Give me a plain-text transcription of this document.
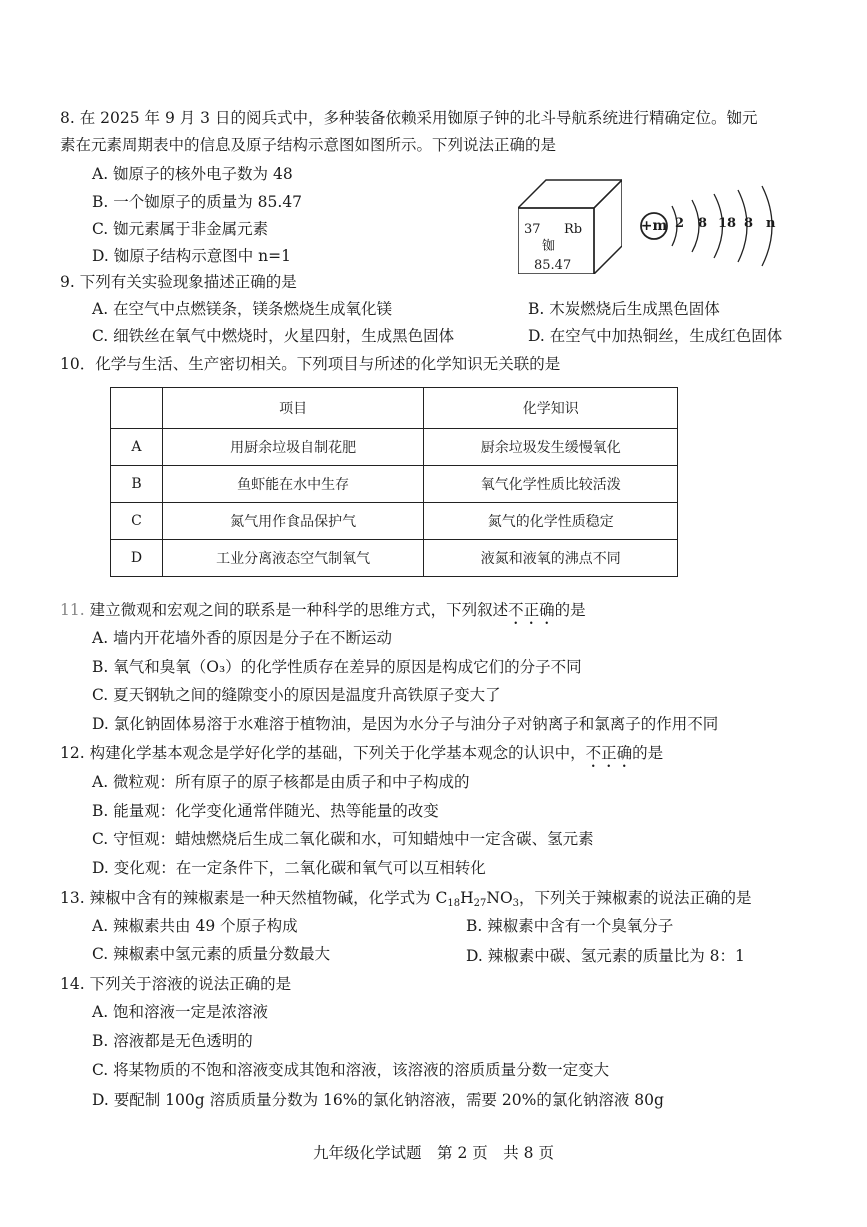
8. 在 2025 年 9 月 3 日的阅兵式中，多种装备依赖采用铷原子钟的北斗导航系统进行精确定位。铷元
素在元素周期表中的信息及原子结构示意图如图所示。下列说法正确的是
A. 铷原子的核外电子数为 48
B. 一个铷原子的质量为 85.47
C. 铷元素属于非金属元素
D. 铷原子结构示意图中 n=1
37 Rb
铷
85.47
+m 2 8 18 8 n
9. 下列有关实验现象描述正确的是
A. 在空气中点燃镁条，镁条燃烧生成氧化镁	B. 木炭燃烧后生成黑色固体
C. 细铁丝在氧气中燃烧时，火星四射，生成黑色固体	D. 在空气中加热铜丝，生成红色固体
10．化学与生活、生产密切相关。下列项目与所述的化学知识无关联的是
	项目	化学知识
A	用厨余垃圾自制花肥	厨余垃圾发生缓慢氧化
B	鱼虾能在水中生存	氧气化学性质比较活泼
C	氮气用作食品保护气	氮气的化学性质稳定
D	工业分离液态空气制氧气	液氮和液氧的沸点不同
11. 建立微观和宏观之间的联系是一种科学的思维方式，下列叙述不正确的是
A. 墙内开花墙外香的原因是分子在不断运动
B. 氧气和臭氧（O₃）的化学性质存在差异的原因是构成它们的分子不同
C. 夏天钢轨之间的缝隙变小的原因是温度升高铁原子变大了
D. 氯化钠固体易溶于水难溶于植物油，是因为水分子与油分子对钠离子和氯离子的作用不同
12. 构建化学基本观念是学好化学的基础，下列关于化学基本观念的认识中，不正确的是
A. 微粒观：所有原子的原子核都是由质子和中子构成的
B. 能量观：化学变化通常伴随光、热等能量的改变
C. 守恒观：蜡烛燃烧后生成二氧化碳和水，可知蜡烛中一定含碳、氢元素
D. 变化观：在一定条件下，二氧化碳和氧气可以互相转化
13. 辣椒中含有的辣椒素是一种天然植物碱，化学式为 $C_{18}H_{27}NO_3$，下列关于辣椒素的说法正确的是
A. 辣椒素共由 49 个原子构成	B. 辣椒素中含有一个臭氧分子
C. 辣椒素中氢元素的质量分数最大	D. 辣椒素中碳、氢元素的质量比为 8：1
14. 下列关于溶液的说法正确的是
A. 饱和溶液一定是浓溶液
B. 溶液都是无色透明的
C. 将某物质的不饱和溶液变成其饱和溶液，该溶液的溶质质量分数一定变大
D. 要配制 100g 溶质质量分数为 16%的氯化钠溶液，需要 20%的氯化钠溶液 80g
九年级化学试题　第 2 页　共 8 页
